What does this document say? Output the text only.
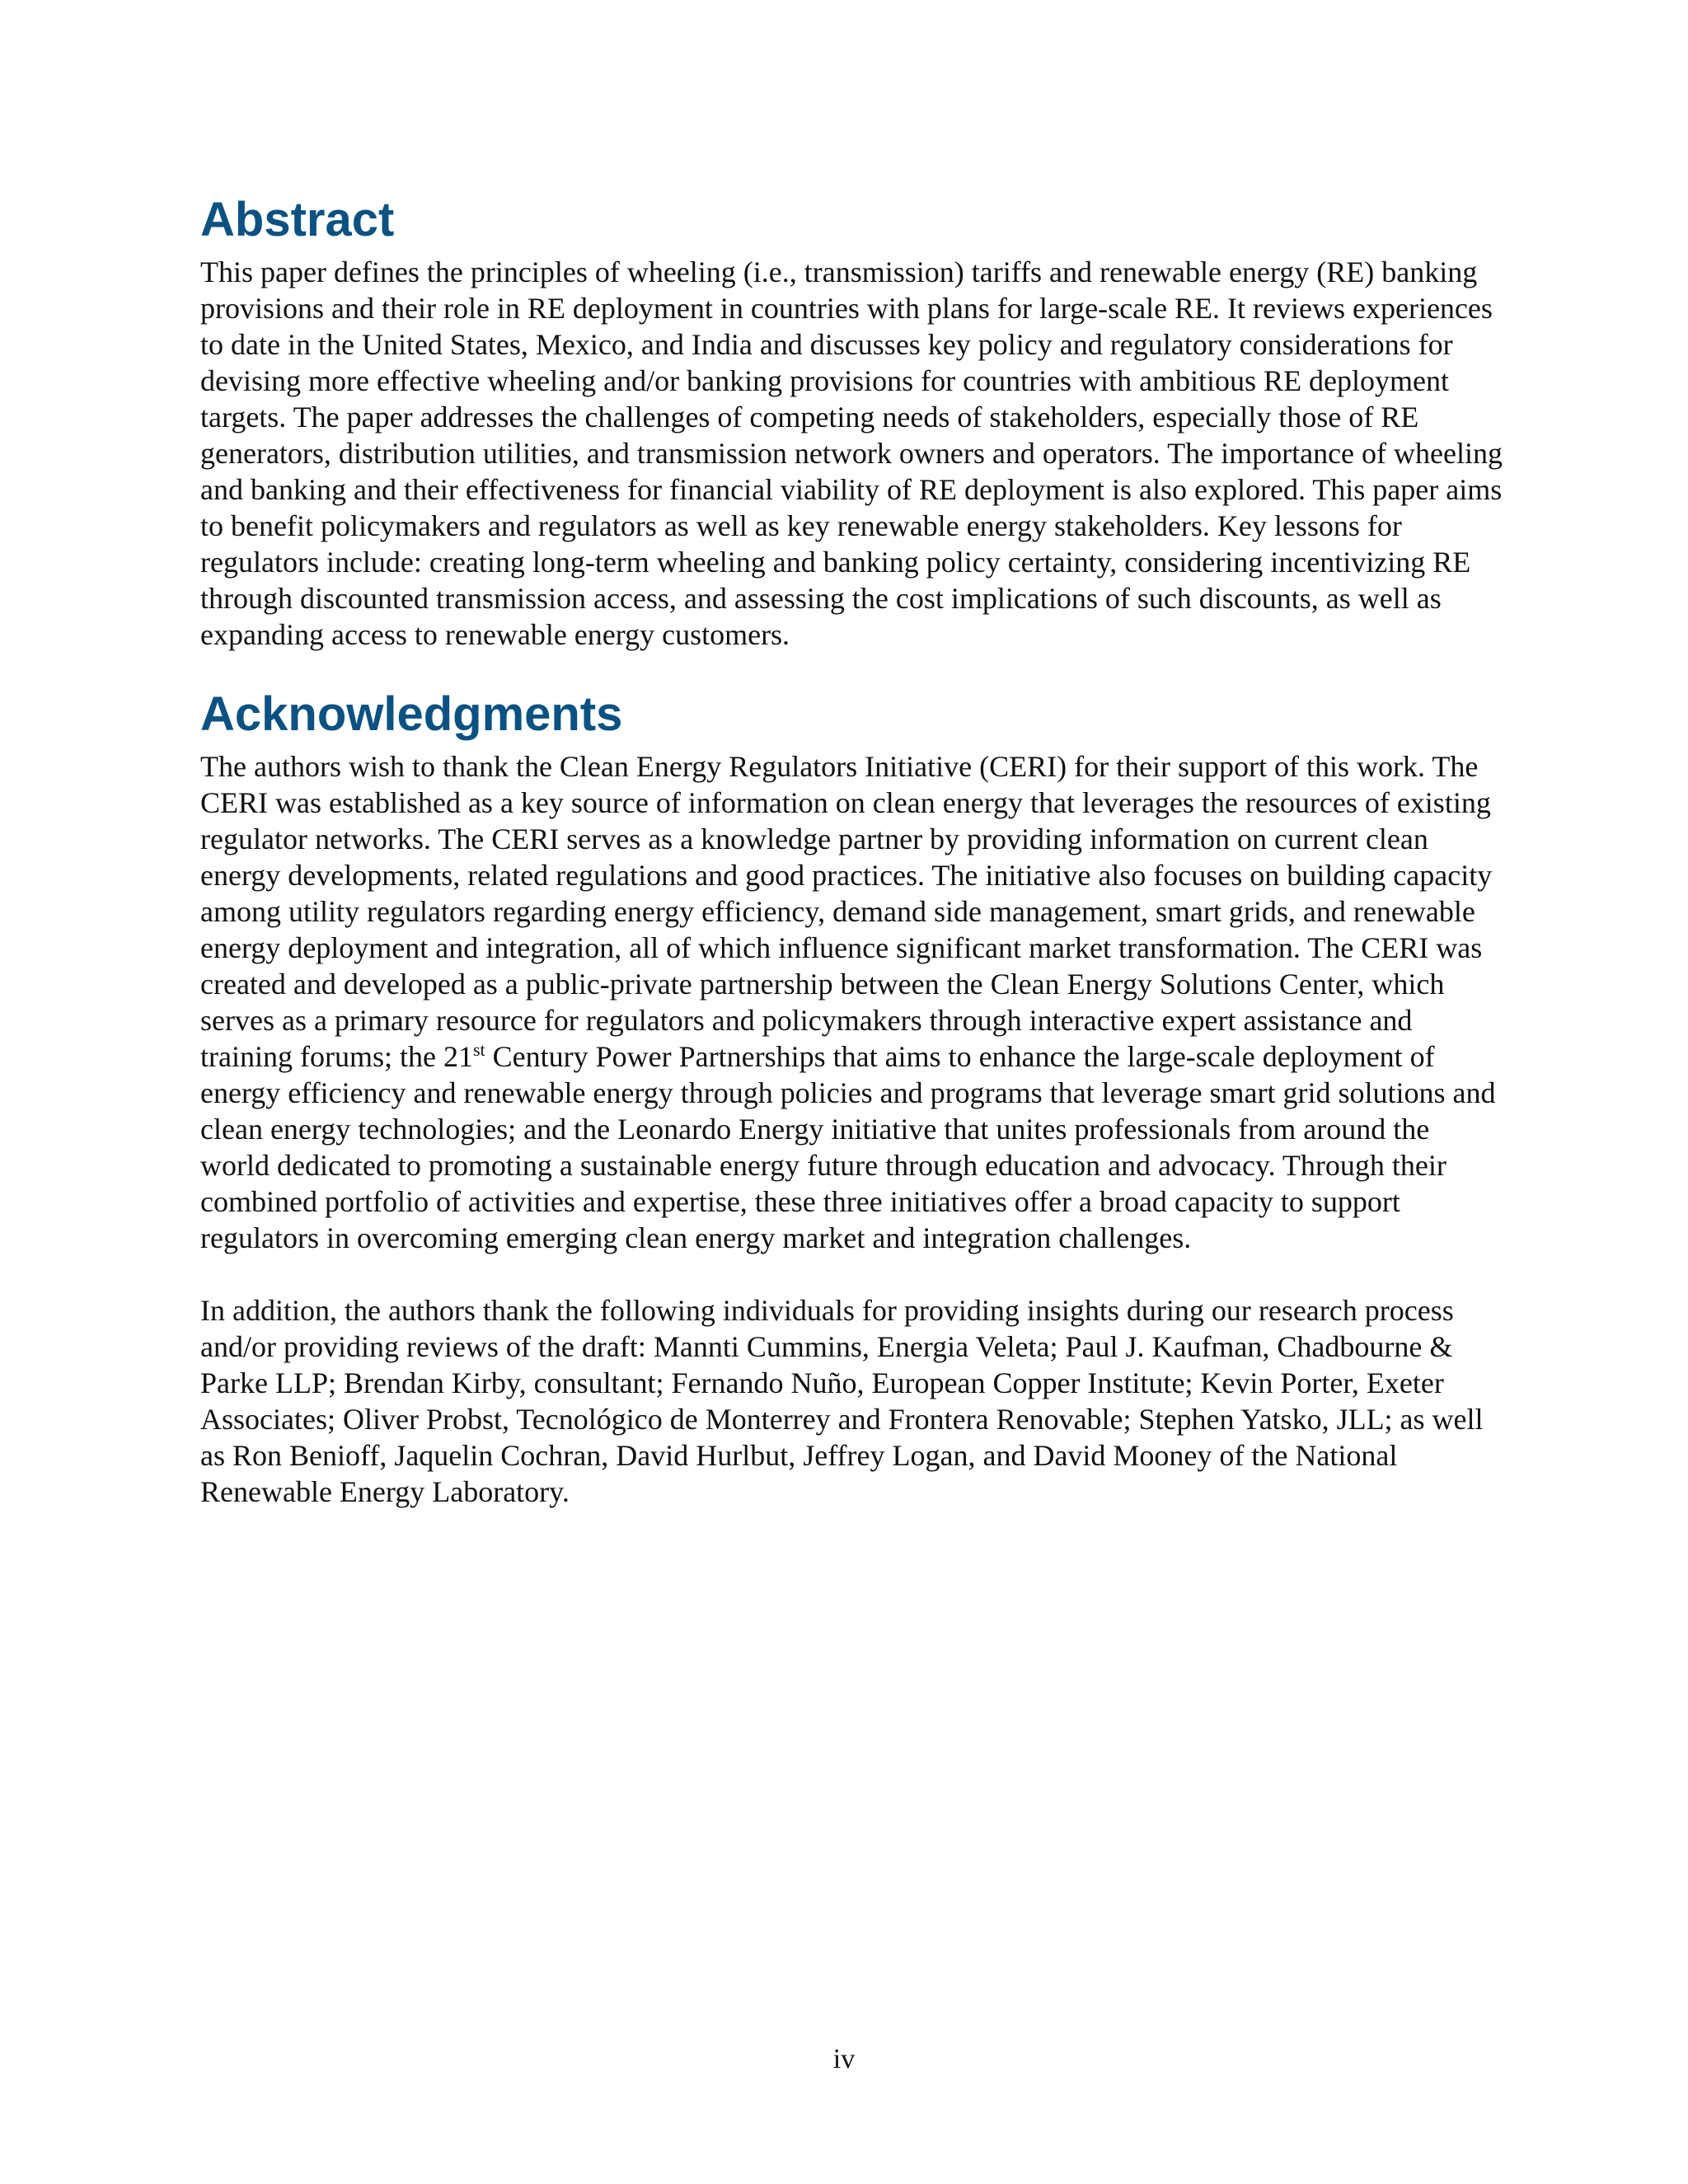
Abstract

This paper defines the principles of wheeling (i.e., transmission) tariffs and renewable energy (RE) banking provisions and their role in RE deployment in countries with plans for large-scale RE. It reviews experiences to date in the United States, Mexico, and India and discusses key policy and regulatory considerations for devising more effective wheeling and/or banking provisions for countries with ambitious RE deployment targets. The paper addresses the challenges of competing needs of stakeholders, especially those of RE generators, distribution utilities, and transmission network owners and operators. The importance of wheeling and banking and their effectiveness for financial viability of RE deployment is also explored. This paper aims to benefit policymakers and regulators as well as key renewable energy stakeholders. Key lessons for regulators include: creating long-term wheeling and banking policy certainty, considering incentivizing RE through discounted transmission access, and assessing the cost implications of such discounts, as well as expanding access to renewable energy customers.

Acknowledgments

The authors wish to thank the Clean Energy Regulators Initiative (CERI) for their support of this work. The CERI was established as a key source of information on clean energy that leverages the resources of existing regulator networks. The CERI serves as a knowledge partner by providing information on current clean energy developments, related regulations and good practices. The initiative also focuses on building capacity among utility regulators regarding energy efficiency, demand side management, smart grids, and renewable energy deployment and integration, all of which influence significant market transformation. The CERI was created and developed as a public-private partnership between the Clean Energy Solutions Center, which serves as a primary resource for regulators and policymakers through interactive expert assistance and training forums; the 21st Century Power Partnerships that aims to enhance the large-scale deployment of energy efficiency and renewable energy through policies and programs that leverage smart grid solutions and clean energy technologies; and the Leonardo Energy initiative that unites professionals from around the world dedicated to promoting a sustainable energy future through education and advocacy. Through their combined portfolio of activities and expertise, these three initiatives offer a broad capacity to support regulators in overcoming emerging clean energy market and integration challenges.

In addition, the authors thank the following individuals for providing insights during our research process and/or providing reviews of the draft: Mannti Cummins, Energia Veleta; Paul J. Kaufman, Chadbourne & Parke LLP; Brendan Kirby, consultant; Fernando Nuño, European Copper Institute; Kevin Porter, Exeter Associates; Oliver Probst, Tecnológico de Monterrey and Frontera Renovable; Stephen Yatsko, JLL; as well as Ron Benioff, Jaquelin Cochran, David Hurlbut, Jeffrey Logan, and David Mooney of the National Renewable Energy Laboratory.

iv
